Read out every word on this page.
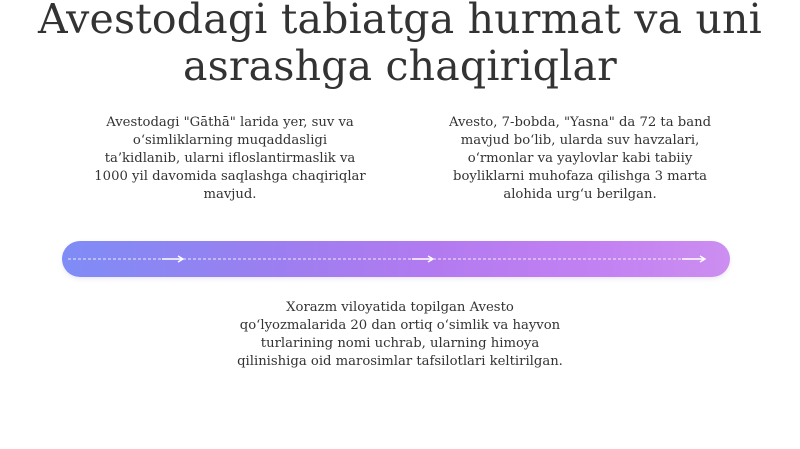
Avestodagi tabiatga hurmat va uni
asrashga chaqiriqlar
Avestodagi "Gāthā" larida yer, suv va
o‘simliklarning muqaddasligi
ta’kidlanib, ularni ifloslantirmaslik va
1000 yil davomida saqlashga chaqiriqlar
mavjud.
Avesto, 7-bobda, "Yasna" da 72 ta band
mavjud bo‘lib, ularda suv havzalari,
o‘rmonlar va yaylovlar kabi tabiiy
boyliklarni muhofaza qilishga 3 marta
alohida urg‘u berilgan.
Xorazm viloyatida topilgan Avesto
qo‘lyozmalarida 20 dan ortiq o‘simlik va hayvon
turlarining nomi uchrab, ularning himoya
qilinishiga oid marosimlar tafsilotlari keltirilgan.
